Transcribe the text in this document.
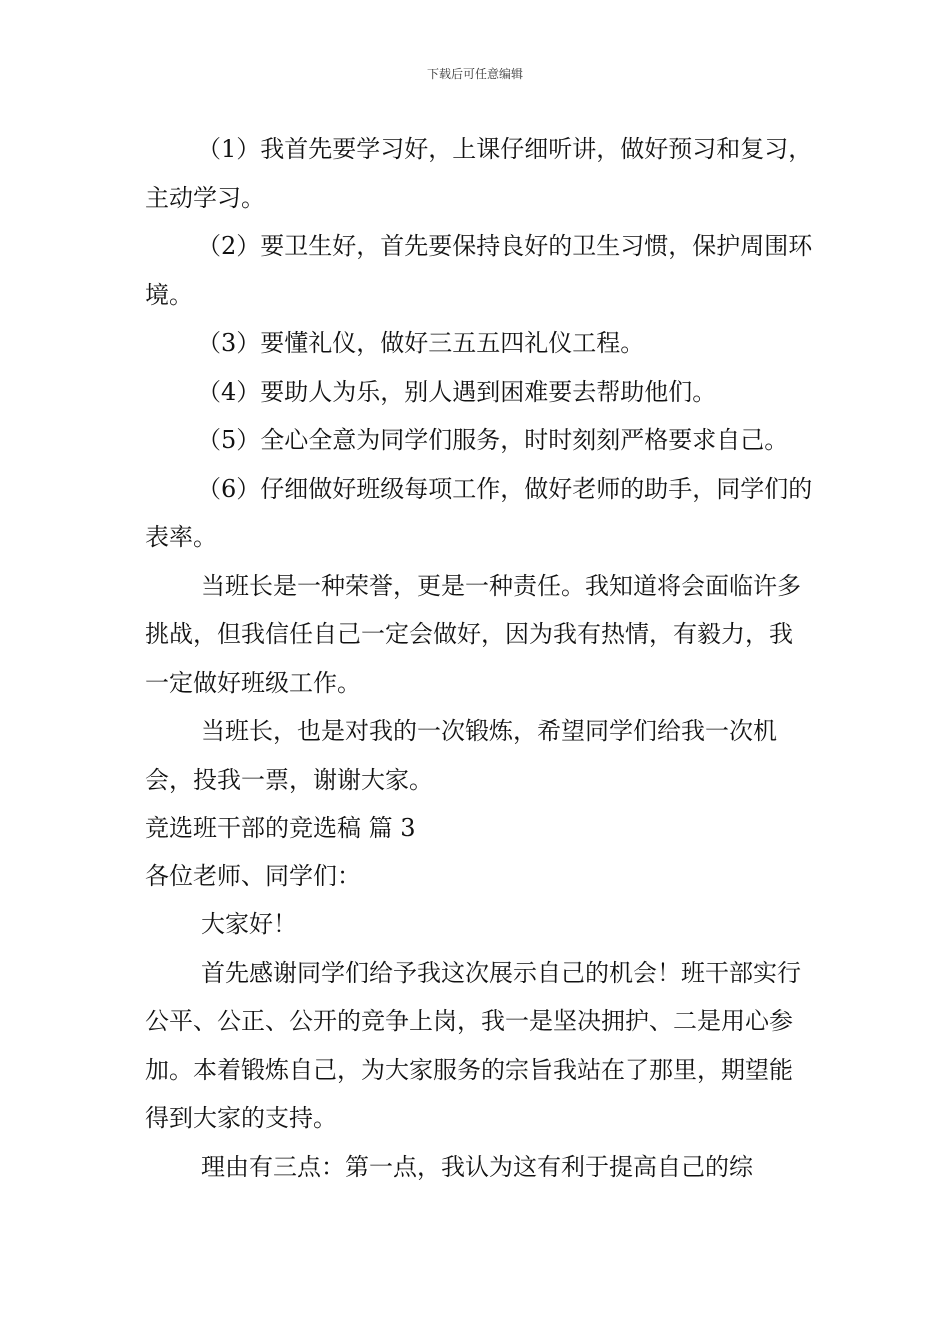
下载后可任意编辑

（1）我首先要学习好，上课仔细听讲，做好预习和复习，主动学习。

（2）要卫生好，首先要保持良好的卫生习惯，保护周围环境。

（3）要懂礼仪，做好三五五四礼仪工程。

（4）要助人为乐，别人遇到困难要去帮助他们。

（5）全心全意为同学们服务，时时刻刻严格要求自己。

（6）仔细做好班级每项工作，做好老师的助手，同学们的表率。

当班长是一种荣誉，更是一种责任。我知道将会面临许多挑战，但我信任自己一定会做好，因为我有热情，有毅力，我一定做好班级工作。

当班长，也是对我的一次锻炼，希望同学们给我一次机会，投我一票，谢谢大家。

竞选班干部的竞选稿 篇 3

各位老师、同学们：

大家好！

首先感谢同学们给予我这次展示自己的机会！班干部实行公平、公正、公开的竞争上岗，我一是坚决拥护、二是用心参加。本着锻炼自己，为大家服务的宗旨我站在了那里，期望能得到大家的支持。

理由有三点：第一点，我认为这有利于提高自己的综
